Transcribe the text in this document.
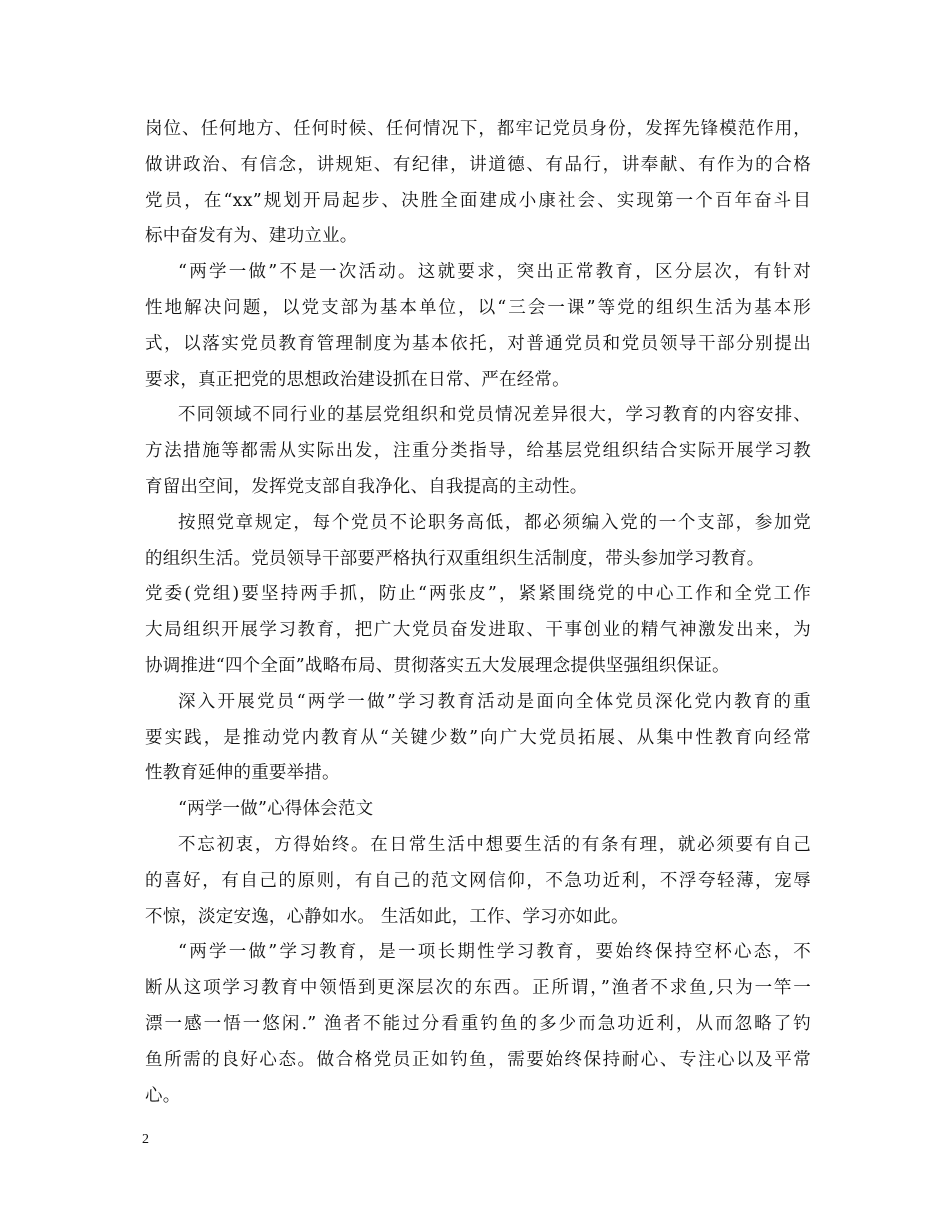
岗位、任何地方、任何时候、任何情况下，都牢记党员身份，发挥先锋模范作用，
做讲政治、有信念，讲规矩、有纪律，讲道德、有品行，讲奉献、有作为的合格
党员，在“xx”规划开局起步、决胜全面建成小康社会、实现第一个百年奋斗目
标中奋发有为、建功立业。
“两学一做”不是一次活动。这就要求，突出正常教育，区分层次，有针对
性地解决问题，以党支部为基本单位，以“三会一课”等党的组织生活为基本形
式，以落实党员教育管理制度为基本依托，对普通党员和党员领导干部分别提出
要求，真正把党的思想政治建设抓在日常、严在经常。
不同领域不同行业的基层党组织和党员情况差异很大，学习教育的内容安排、
方法措施等都需从实际出发，注重分类指导，给基层党组织结合实际开展学习教
育留出空间，发挥党支部自我净化、自我提高的主动性。
按照党章规定，每个党员不论职务高低，都必须编入党的一个支部，参加党
的组织生活。党员领导干部要严格执行双重组织生活制度，带头参加学习教育。
党委(党组)要坚持两手抓，防止“两张皮”，紧紧围绕党的中心工作和全党工作
大局组织开展学习教育，把广大党员奋发进取、干事创业的精气神激发出来，为
协调推进“四个全面”战略布局、贯彻落实五大发展理念提供坚强组织保证。
深入开展党员“两学一做”学习教育活动是面向全体党员深化党内教育的重
要实践，是推动党内教育从“关键少数”向广大党员拓展、从集中性教育向经常
性教育延伸的重要举措。
“两学一做”心得体会范文
不忘初衷，方得始终。在日常生活中想要生活的有条有理，就必须要有自己
的喜好，有自己的原则，有自己的范文网信仰，不急功近利，不浮夸轻薄，宠辱
不惊，淡定安逸，心静如水。 生活如此，工作、学习亦如此。
“两学一做”学习教育，是一项长期性学习教育，要始终保持空杯心态，不
断从这项学习教育中领悟到更深层次的东西。正所谓，”渔者不求鱼,只为一竿一
漂一感一悟一悠闲.” 渔者不能过分看重钓鱼的多少而急功近利，从而忽略了钓
鱼所需的良好心态。做合格党员正如钓鱼，需要始终保持耐心、专注心以及平常
心。
2
